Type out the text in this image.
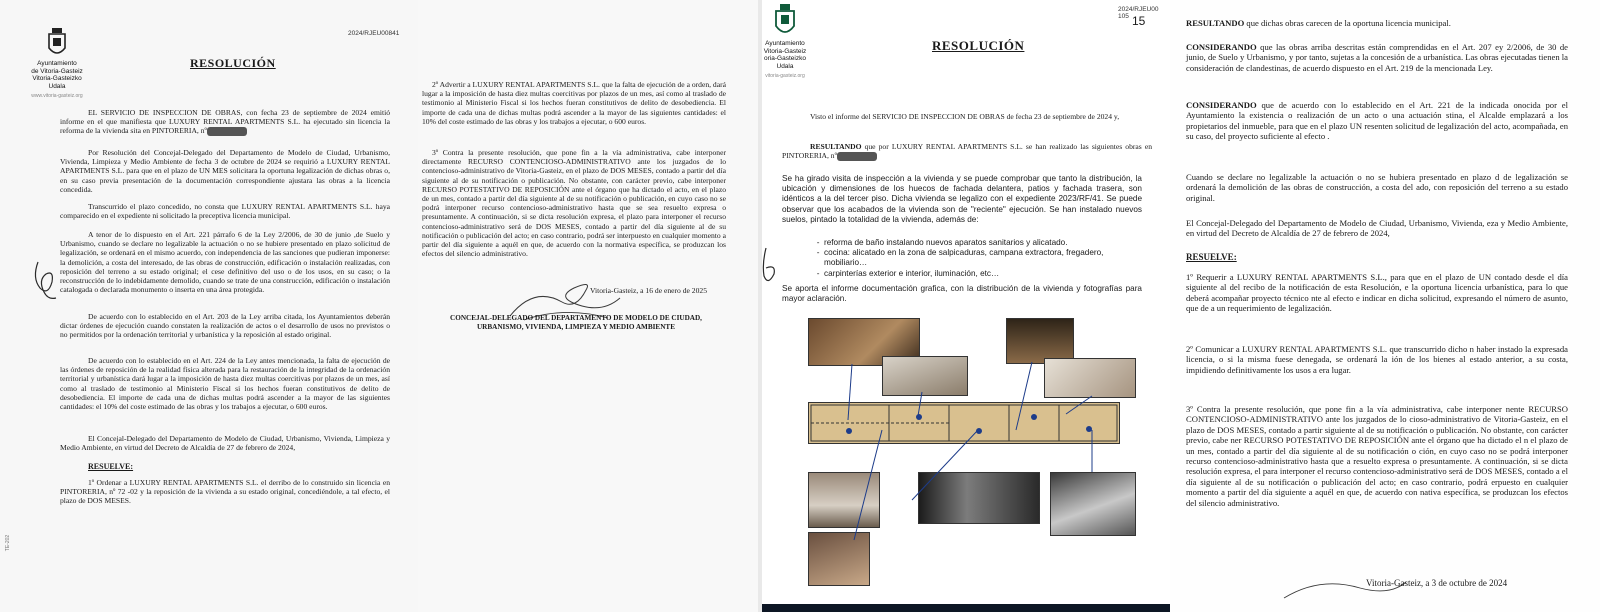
Ayuntamiento
de Vitoria-Gasteiz
Vitoria-Gasteizko
Udala
www.vitoria-gasteiz.org
2024/RJEU00841
RESOLUCIÓN

EL SERVICIO DE INSPECCION DE OBRAS, con fecha 23 de septiembre de 2024 emitió informe en el que manifiesta que LUXURY RENTAL APARTMENTS S.L. ha ejecutado sin licencia la reforma de la vivienda sita en PINTORERIA, nº

Por Resolución del Concejal-Delegado del Departamento de Modelo de Ciudad, Urbanismo, Vivienda, Limpieza y Medio Ambiente de fecha 3 de octubre de 2024 se requirió a LUXURY RENTAL APARTMENTS S.L. para que en el plazo de UN MES solicitara la oportuna legalización de dichas obras o, en su caso previa presentación de la documentación correspondiente ajustara las obras a la licencia concedida.

Transcurrido el plazo concedido, no consta que LUXURY RENTAL APARTMENTS S.L. haya comparecido en el expediente ni solicitado la preceptiva licencia municipal.

A tenor de lo dispuesto en el Art. 221 párrafo 6 de la Ley 2/2006, de 30 de junio ,de Suelo y Urbanismo, cuando se declare no legalizable la actuación o no se hubiere presentado en plazo solicitud de legalización, se ordenará en el mismo acuerdo, con independencia de las sanciones que pudieran imponerse: la demolición, a costa del interesado, de las obras de construcción, edificación o instalación realizadas, con reposición del terreno a su estado original; el cese definitivo del uso o de los usos, en su caso; o la reconstrucción de lo indebidamente demolido, cuando se trate de una construcción, edificación o instalación catalogada o declarada monumento o inserta en una área protegida.

De acuerdo con lo establecido en el Art. 203 de la Ley arriba citada, los Ayuntamientos deberán dictar órdenes de ejecución cuando constaten la realización de actos o el desarrollo de usos no previstos o no permitidos por la ordenación territorial y urbanística y la reposición al estado original.

De acuerdo con lo establecido en el Art. 224 de la Ley antes mencionada, la falta de ejecución de las órdenes de reposición de la realidad física alterada para la restauración de la integridad de la ordenación territorial y urbanística dará lugar a la imposición de hasta diez multas coercitivas por plazos de un mes, así como al traslado de testimonio al Ministerio Fiscal si los hechos fueran constitutivos de delito de desobediencia. El importe de cada una de dichas multas podrá ascender a la mayor de las siguientes cantidades: el 10% del coste estimado de las obras y los trabajos a ejecutar, o 600 euros.

El Concejal-Delegado del Departamento de Modelo de Ciudad, Urbanismo, Vivienda, Limpieza y Medio Ambiente, en virtud del Decreto de Alcaldía de 27 de febrero de 2024,

RESUELVE:

1º Ordenar a LUXURY RENTAL APARTMENTS S.L. el derribo de lo construido sin licencia en PINTORERIA, nº 72 -02 y la reposición de la vivienda a su estado original, concediéndole, a tal efecto, el plazo de DOS MESES.

TE-202

2º Advertir a LUXURY RENTAL APARTMENTS S.L. que la falta de ejecución de a orden, dará lugar a la imposición de hasta diez multas coercitivas por plazos de un mes, así como al traslado de testimonio al Ministerio Fiscal si los hechos fueran constitutivos de delito de desobediencia. El importe de cada una de dichas multas podrá ascender a la mayor de las siguientes cantidades: el 10% del coste estimado de las obras y los trabajos a ejecutar, o 600 euros.

3º Contra la presente resolución, que pone fin a la vía administrativa, cabe interponer directamente RECURSO CONTENCIOSO-ADMINISTRATIVO ante los juzgados de lo contencioso-administrativo de Vitoria-Gasteiz, en el plazo de DOS MESES, contado a partir del día siguiente al de su notificación o publicación. No obstante, con carácter previo, cabe interponer RECURSO POTESTATIVO DE REPOSICIÓN ante el órgano que ha dictado el acto, en el plazo de un mes, contado a partir del día siguiente al de su notificación o publicación, en cuyo caso no se podrá interponer recurso contencioso-administrativo hasta que se sea resuelto expresa o presuntamente. A continuación, si se dicta resolución expresa, el plazo para interponer el recurso contencioso-administrativo será de DOS MESES, contado a partir del día siguiente al de su notificación o publicación del acto; en caso contrario, podrá ser interpuesto en cualquier momento a partir del día siguiente a aquél en que, de acuerdo con la normativa específica, se produzcan los efectos del silencio administrativo.

Vitoria-Gasteiz, a 16 de enero de 2025
CONCEJAL-DELEGADO DEL DEPARTAMENTO DE MODELO DE CIUDAD, URBANISMO, VIVIENDA, LIMPIEZA Y MEDIO AMBIENTE
Ayuntamiento
Vitoria-Gasteiz
oria-Gasteizko
Udala
vitoria-gasteiz.org
2024/RJEU00 105 15
RESOLUCIÓN

Visto el informe del SERVICIO DE INSPECCION DE OBRAS de fecha 23 de septiembre de 2024 y,

RESULTANDO que por LUXURY RENTAL APARTMENTS S.L. se han realizado las siguientes obras en PINTORERIA, nº

Se ha girado visita de inspección a la vivienda y se puede comprobar que tanto la distribución, la ubicación y dimensiones de los huecos de fachada delantera, patios y fachada trasera, son idénticos a la del tercer piso. Dicha vivienda se legalizo con el expediente 2023/RF/41. Se puede observar que los acabados de la vivienda son de "reciente" ejecución. Se han instalado nuevos suelos, pintado la totalidad de la vivienda, además de:

- reforma de baño instalando nuevos aparatos sanitarios y alicatado.
- cocina: alicatado en la zona de salpicaduras, campana extractora, fregadero, mobiliario…
- carpinterías exterior e interior, iluminación, etc…

Se aporta el informe documentación grafica, con la distribución de la vivienda y fotografías para mayor aclaración.

RESULTANDO que dichas obras carecen de la oportuna licencia municipal.

CONSIDERANDO que las obras arriba descritas están comprendidas en el Art. 207 ey 2/2006, de 30 de junio, de Suelo y Urbanismo, y por tanto, sujetas a la concesión de a urbanística. Las obras ejecutadas tienen la consideración de clandestinas, de acuerdo dispuesto en el Art. 219 de la mencionada Ley.

CONSIDERANDO que de acuerdo con lo establecido en el Art. 221 de la indicada onocida por el Ayuntamiento la existencia o realización de un acto o una actuación stina, el Alcalde emplazará a los propietarios del inmueble, para que en el plazo UN resenten solicitud de legalización del acto, acompañada, en su caso, del proyecto suficiente al efecto .

Cuando se declare no legalizable la actuación o no se hubiera presentado en plazo d de legalización se ordenará la demolición de las obras de construcción, a costa del ado, con reposición del terreno a su estado original.

El Concejal-Delegado del Departamento de Modelo de Ciudad, Urbanismo, Vivienda, eza y Medio Ambiente, en virtud del Decreto de Alcaldía de 27 de febrero de 2024,

RESUELVE:

1º Requerir a LUXURY RENTAL APARTMENTS S.L., para que en el plazo de UN contado desde el día siguiente al del recibo de la notificación de esta Resolución, e la oportuna licencia urbanística, para lo que deberá acompañar proyecto técnico nte al efecto e indicar en dicha solicitud, expresando el número de asunto, que de a un requerimiento de legalización.

2º Comunicar a LUXURY RENTAL APARTMENTS S.L. que transcurrido dicho n haber instado la expresada licencia, o si la misma fuese denegada, se ordenará la ión de los bienes al estado anterior, a su costa, impidiendo definitivamente los usos a era lugar.

3º Contra la presente resolución, que pone fin a la vía administrativa, cabe interponer nente RECURSO CONTENCIOSO-ADMINISTRATIVO ante los juzgados de lo cioso-administrativo de Vitoria-Gasteiz, en el plazo de DOS MESES, contado a partir siguiente al de su notificación o publicación. No obstante, con carácter previo, cabe ner RECURSO POTESTATIVO DE REPOSICIÓN ante el órgano que ha dictado el n el plazo de un mes, contado a partir del día siguiente al de su notificación o ción, en cuyo caso no se podrá interponer recurso contencioso-administrativo hasta que a resuelto expresa o presuntamente. A continuación, si se dicta resolución expresa, el para interponer el recurso contencioso-administrativo será de DOS MESES, contado a el día siguiente al de su notificación o publicación del acto; en caso contrario, podrá erpuesto en cualquier momento a partir del día siguiente a aquél en que, de acuerdo con nativa específica, se produzcan los efectos del silencio administrativo.

Vitoria-Gasteiz, a 3 de octubre de 2024
